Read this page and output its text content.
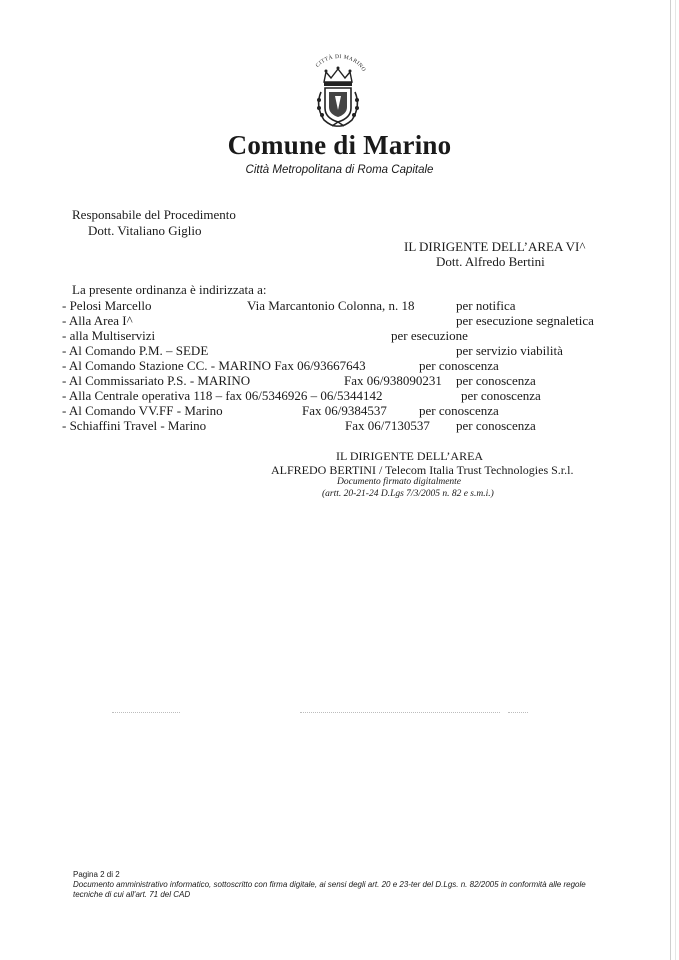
CITTÀ DI MARINO
Comune di Marino
Città Metropolitana di Roma Capitale
Responsabile del Procedimento
Dott. Vitaliano Giglio
IL DIRIGENTE DELL’AREA VI^
Dott. Alfredo Bertini
La presente ordinanza è indirizzata a:
- Pelosi Marcello	Via Marcantonio Colonna, n. 18	per notifica
- Alla Area I^	per esecuzione segnaletica
- alla Multiservizi	per esecuzione
- Al Comando P.M. – SEDE	per servizio viabilità
- Al Comando Stazione CC. - MARINO Fax 06/93667643	per conoscenza
- Al Commissariato P.S. - MARINO	Fax 06/938090231 per conoscenza
- Alla Centrale operativa 118 – fax 06/5346926 – 06/5344142	per conoscenza
- Al Comando VV.FF - Marino	Fax 06/9384537 per conoscenza
- Schiaffini Travel - Marino	Fax 06/7130537 per conoscenza
IL DIRIGENTE DELL’AREA
ALFREDO BERTINI / Telecom Italia Trust Technologies S.r.l.
Documento firmato digitalmente
(artt. 20-21-24 D.Lgs 7/3/2005 n. 82 e s.m.i.)
Pagina 2 di 2
Documento amministrativo informatico, sottoscritto con firma digitale, ai sensi degli art. 20 e 23-ter del D.Lgs. n. 82/2005 in conformità alle regole
tecniche di cui all'art. 71 del CAD
